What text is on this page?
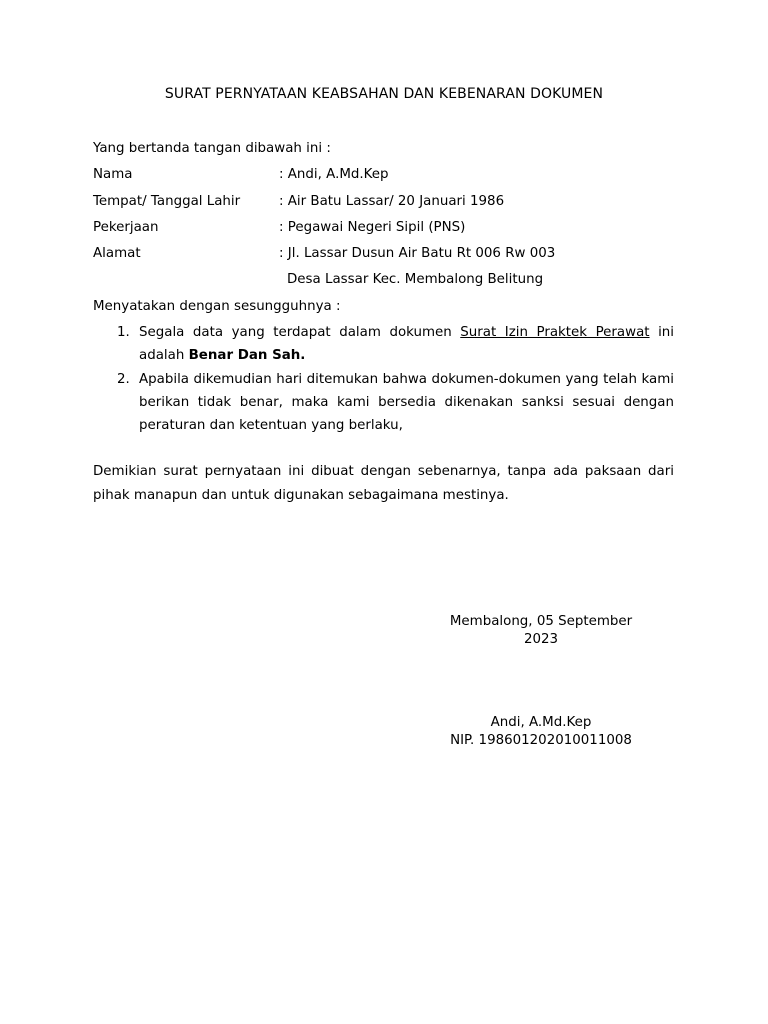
SURAT PERNYATAAN KEABSAHAN DAN KEBENARAN DOKUMEN
Yang bertanda tangan dibawah ini :
Nama	: Andi, A.Md.Kep
Tempat/ Tanggal Lahir	: Air Batu Lassar/ 20 Januari 1986
Pekerjaan	: Pegawai Negeri Sipil (PNS)
Alamat	: Jl. Lassar Dusun Air Batu Rt 006 Rw 003
Desa Lassar Kec. Membalong Belitung
Menyatakan dengan sesungguhnya :
1. Segala data yang terdapat dalam dokumen Surat Izin Praktek Perawat ini adalah Benar Dan Sah.
2. Apabila dikemudian hari ditemukan bahwa dokumen-dokumen yang telah kami berikan tidak benar, maka kami bersedia dikenakan sanksi sesuai dengan peraturan dan ketentuan yang berlaku,
Demikian surat pernyataan ini dibuat dengan sebenarnya, tanpa ada paksaan dari pihak manapun dan untuk digunakan sebagaimana mestinya.
Membalong, 05 September 2023
Andi, A.Md.Kep
NIP. 198601202010011008
